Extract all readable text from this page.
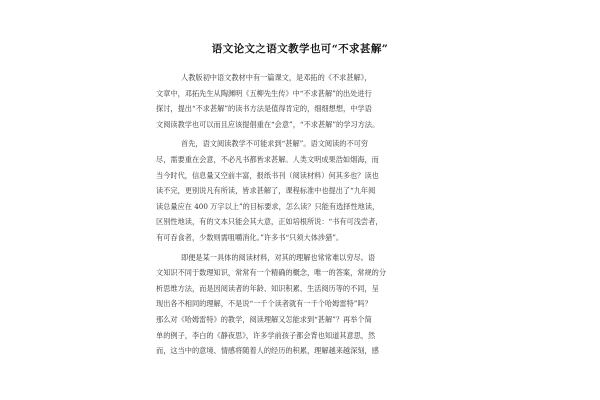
语文论文之语文教学也可“不求甚解”
人教版初中语文教材中有一篇课文，是邓拓的《不求甚解》，
文章中，邓拓先生从陶渊明《五柳先生传》中“不求甚解”的出处进行
探讨，提出“不求甚解”的读书方法是值得肯定的，细细想想，中学语
文阅读教学也可以而且应该提倡重在“会意”，“不求甚解”的学习方法。
首先，语文阅读教学不可能求到“甚解”。语文阅读的不可穷
尽，需要重在会意，不必凡书都皆求甚解。人类文明成果浩如烟海，而
当今时代，信息量又空前丰富，报纸书刊（阅读材料）何其多也？读也
读不完，更别说凡有所读，皆求甚解了，课程标准中也提出了“九年阅
读总量应在 400 万字以上”的目标要求，怎么读？只能有选择性地读，
区别性地读，有的文本只能会其大意，正如培根所说：“书有可浅尝者，
有可吞食者，少数则需咀嚼消化。”许多书“只须大体涉猎”。
即便是某一具体的阅读材料，对其的理解也常常难以穷尽。语
文知识不同于数理知识，常常有一个精确的概念，唯一的答案，常规的分
析思维方法，而是因阅读者的年龄、知识积累、生活阅历等的不同，呈
现出各不相同的理解，不是说“一千个读者就有一千个哈姆雷特”吗？
那么对《哈姆雷特》的教学，阅读理解又怎能求到“甚解”？再举个简
单的例子，李白的《静夜思》，许多学前孩子都会背也知道其意思，然
而，这当中的意境、情感将随着人的经历的积累，理解越来越深刻，感
